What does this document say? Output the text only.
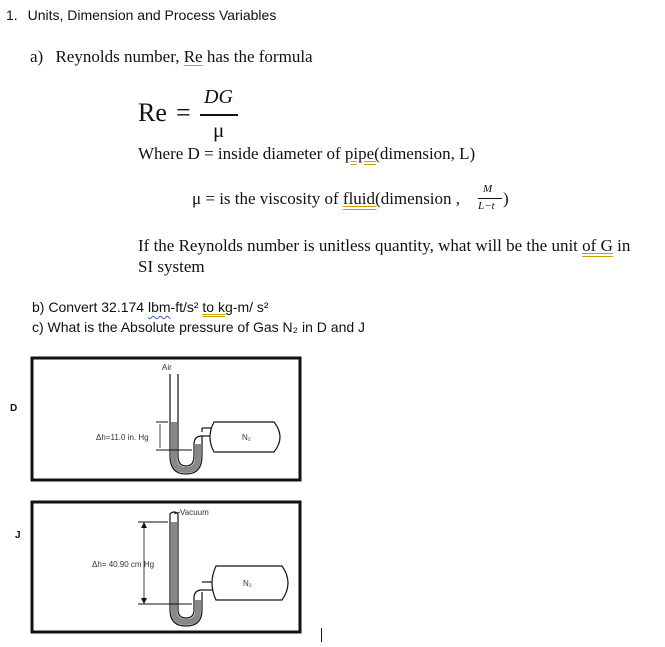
1. Units, Dimension and Process Variables
a) Reynolds number, Re has the formula
Re =
DG
μ
Where D = inside diameter of pipe(dimension, L)
μ = is the viscosity of fluid(dimension , M
L−t )
If the Reynolds number is unitless quantity, what will be the unit of G in
SI system
b) Convert 32.174 lbm-ft/s² to kg-m/ s²
c) What is the Absolute pressure of Gas N₂ in D and J
D
J
Air
N₂
Δh=11.0 in. Hg
Vacuum
N₂
Δh= 40.90 cm Hg
